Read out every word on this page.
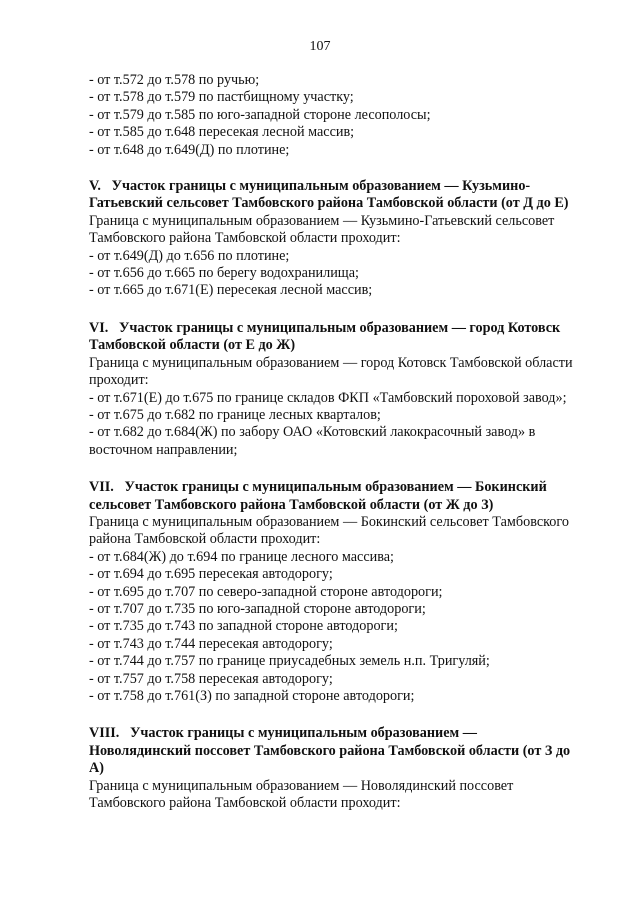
107
- от т.572 до т.578 по ручью;
- от т.578 до т.579 по пастбищному участку;
- от т.579 до т.585 по юго-западной стороне лесополосы;
- от т.585 до т.648 пересекая лесной массив;
- от т.648 до т.649(Д) по плотине;
V.   Участок границы с муниципальным образованием — Кузьмино-
Гатьевский сельсовет Тамбовского района Тамбовской области (от Д до Е)
Граница с муниципальным образованием — Кузьмино-Гатьевский сельсовет
Тамбовского района Тамбовской области проходит:
- от т.649(Д) до т.656 по плотине;
- от т.656 до т.665 по берегу водохранилища;
- от т.665 до т.671(Е) пересекая лесной массив;
VI.   Участок границы с муниципальным образованием — город Котовск
Тамбовской области (от Е до Ж)
Граница с муниципальным образованием — город Котовск Тамбовской области
проходит:
- от т.671(Е) до т.675 по границе складов ФКП «Тамбовский пороховой завод»;
- от т.675 до т.682 по границе лесных кварталов;
- от т.682 до т.684(Ж) по забору ОАО «Котовский лакокрасочный завод» в
восточном направлении;
VII.   Участок границы с муниципальным образованием — Бокинский
сельсовет Тамбовского района Тамбовской области (от Ж до З)
Граница с муниципальным образованием — Бокинский сельсовет Тамбовского
района Тамбовской области проходит:
- от т.684(Ж) до т.694 по границе лесного массива;
- от т.694 до т.695 пересекая автодорогу;
- от т.695 до т.707 по северо-западной стороне автодороги;
- от т.707 до т.735 по юго-западной стороне автодороги;
- от т.735 до т.743 по западной стороне автодороги;
- от т.743 до т.744 пересекая автодорогу;
- от т.744 до т.757 по границе приусадебных земель н.п. Тригуляй;
- от т.757 до т.758 пересекая автодорогу;
- от т.758 до т.761(З) по западной стороне автодороги;
VIII.   Участок границы с муниципальным образованием —
Новолядинский поссовет Тамбовского района Тамбовской области (от З до
А)
Граница с муниципальным образованием — Новолядинский поссовет
Тамбовского района Тамбовской области проходит:
